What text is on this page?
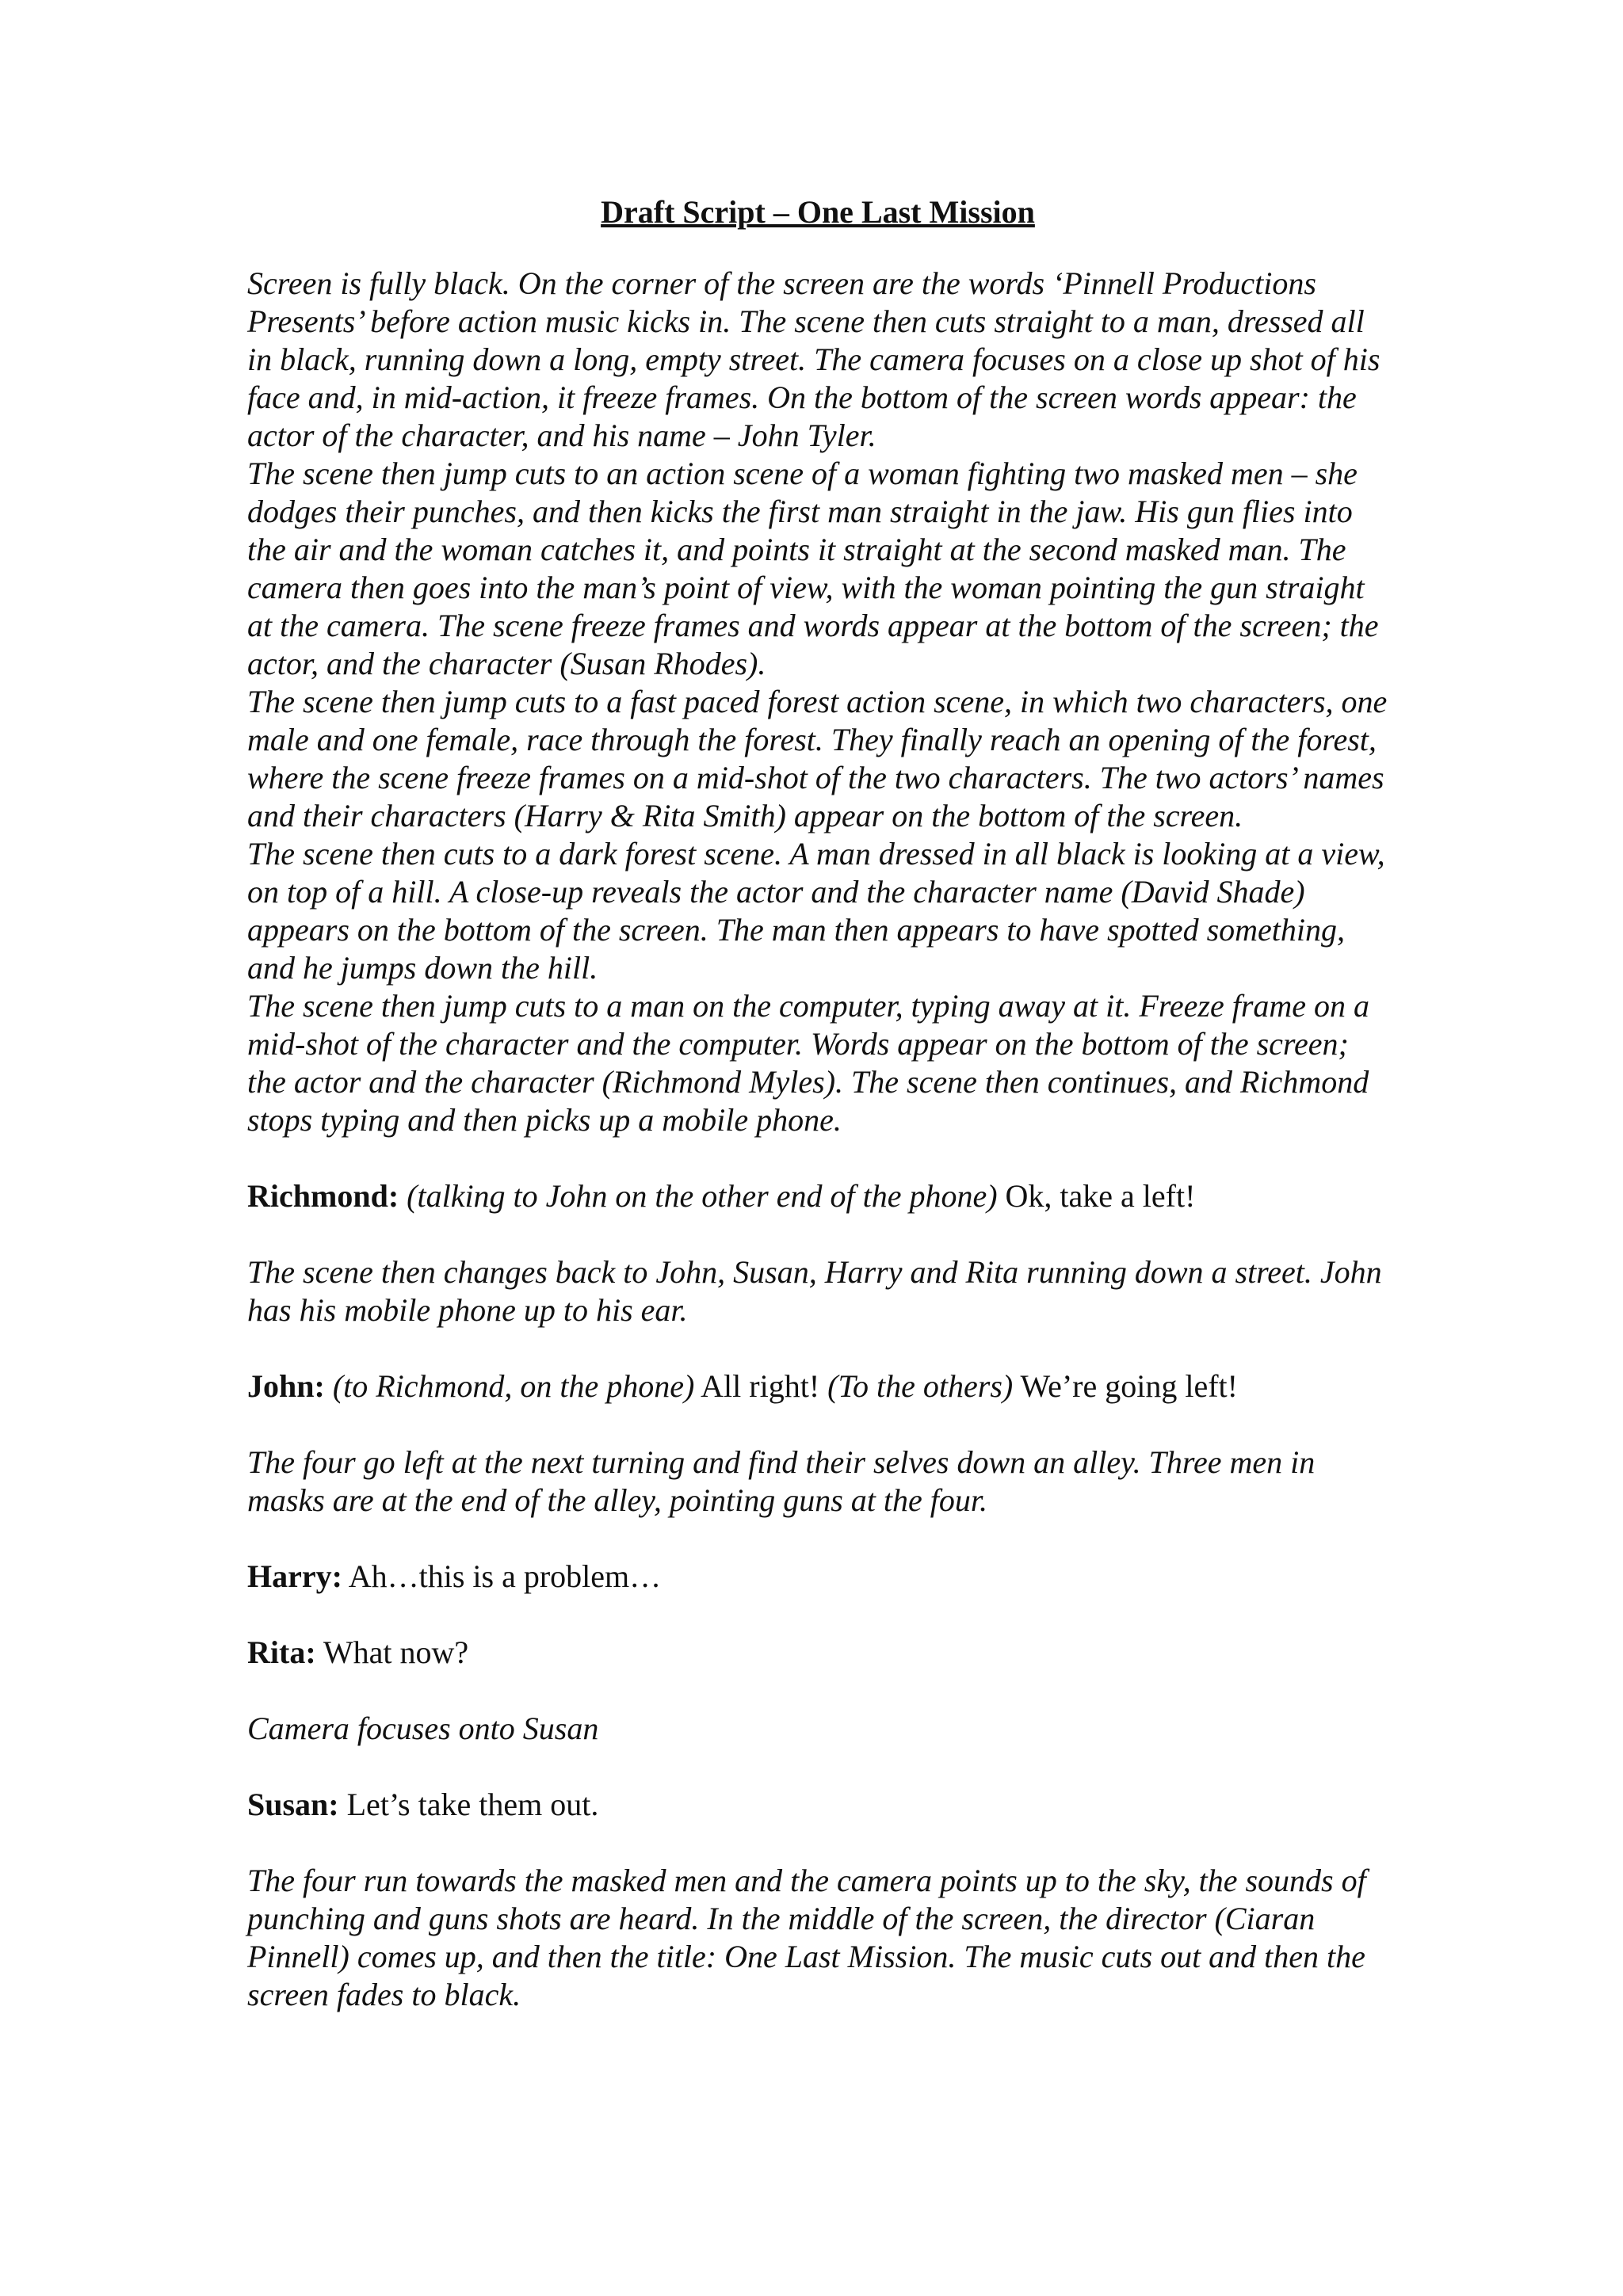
Draft Script – One Last Mission

Screen is fully black. On the corner of the screen are the words ‘Pinnell Productions Presents’ before action music kicks in. The scene then cuts straight to a man, dressed all in black, running down a long, empty street. The camera focuses on a close up shot of his face and, in mid-action, it freeze frames. On the bottom of the screen words appear: the actor of the character, and his name – John Tyler.

The scene then jump cuts to an action scene of a woman fighting two masked men – she dodges their punches, and then kicks the first man straight in the jaw. His gun flies into the air and the woman catches it, and points it straight at the second masked man. The camera then goes into the man’s point of view, with the woman pointing the gun straight at the camera. The scene freeze frames and words appear at the bottom of the screen; the actor, and the character (Susan Rhodes).

The scene then jump cuts to a fast paced forest action scene, in which two characters, one male and one female, race through the forest. They finally reach an opening of the forest, where the scene freeze frames on a mid-shot of the two characters. The two actors’ names and their characters (Harry & Rita Smith) appear on the bottom of the screen.

The scene then cuts to a dark forest scene. A man dressed in all black is looking at a view, on top of a hill. A close-up reveals the actor and the character name (David Shade) appears on the bottom of the screen. The man then appears to have spotted something, and he jumps down the hill.

The scene then jump cuts to a man on the computer, typing away at it. Freeze frame on a mid-shot of the character and the computer. Words appear on the bottom of the screen; the actor and the character (Richmond Myles). The scene then continues, and Richmond stops typing and then picks up a mobile phone.

Richmond: (talking to John on the other end of the phone) Ok, take a left!

The scene then changes back to John, Susan, Harry and Rita running down a street. John has his mobile phone up to his ear.

John: (to Richmond, on the phone) All right! (To the others) We’re going left!

The four go left at the next turning and find their selves down an alley. Three men in masks are at the end of the alley, pointing guns at the four.

Harry: Ah…this is a problem…

Rita: What now?

Camera focuses onto Susan

Susan: Let’s take them out.

The four run towards the masked men and the camera points up to the sky, the sounds of punching and guns shots are heard. In the middle of the screen, the director (Ciaran Pinnell) comes up, and then the title: One Last Mission. The music cuts out and then the screen fades to black.
